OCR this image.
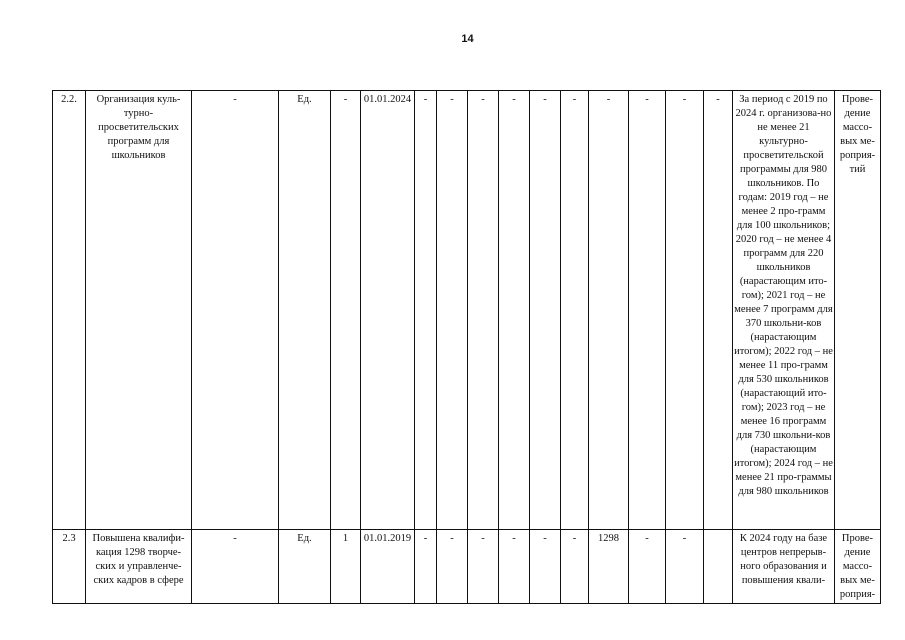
14
2.2.	Организация куль-турно-просветительских программ для школьников	-	Ед.	-	01.01.2024	-	-	-	-	-	-	-	-	-	-	За период с 2019 по 2024 г. организова-но не менее 21 культурно-просветительской программы для 980 школьников. По годам: 2019 год – не менее 2 про-грамм для 100 школьников; 2020 год – не менее 4 программ для 220 школьников (нарастающим ито-гом); 2021 год – не менее 7 программ для 370 школьни-ков (нарастающим итогом); 2022 год – не менее 11 про-грамм для 530 школьников (нарастающий ито-гом); 2023 год – не менее 16 программ для 730 школьни-ков (нарастающим итогом); 2024 год – не менее 21 про-граммы для 980 школьников	Прове-дение массо-вых ме-роприя-тий
2.3	Повышена квалифи-кация 1298 творче-ских и управленче-ских кадров в сфере	-	Ед.	1	01.01.2019	-	-	-	-	-	-	1298	-	-		К 2024 году на базе центров непрерыв-ного образования и повышения квали-	Прове-дение массо-вых ме-роприя-
